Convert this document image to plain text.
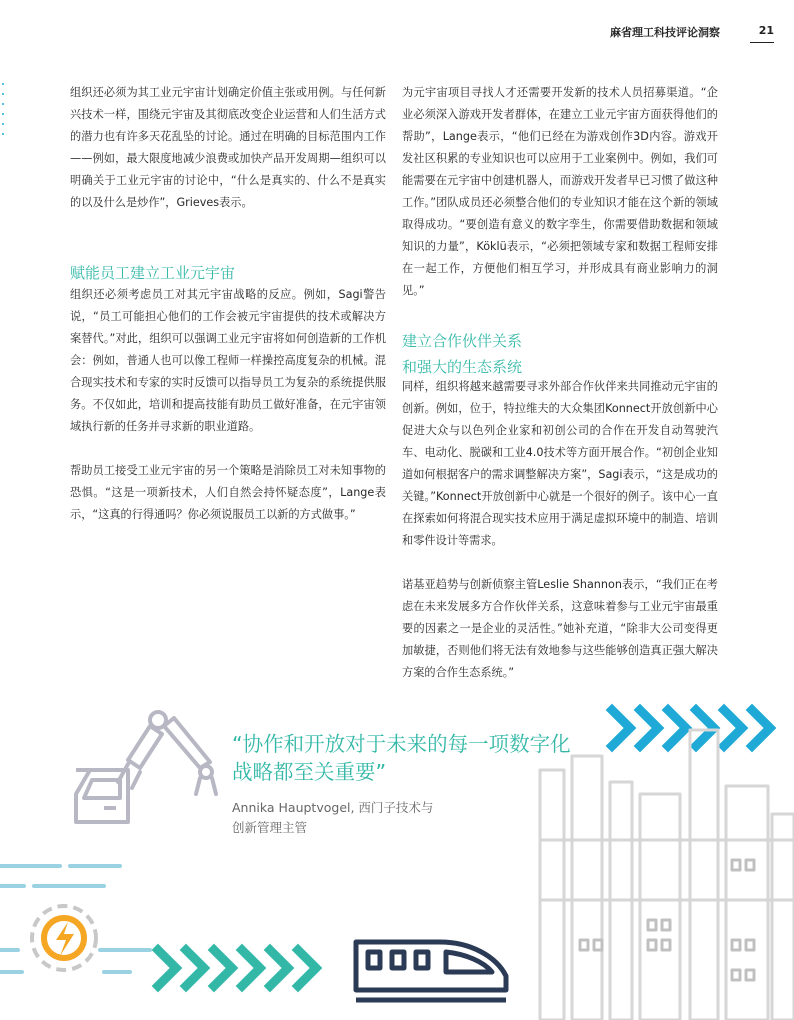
麻省理工科技评论洞察	21

组织还必须为其工业元宇宙计划确定价值主张或用例。与任何新兴技术一样，围绕元宇宙及其彻底改变企业运营和人们生活方式的潜力也有许多天花乱坠的讨论。通过在明确的目标范围内工作——例如，最大限度地减少浪费或加快产品开发周期—组织可以明确关于工业元宇宙的讨论中，“什么是真实的、什么不是真实的以及什么是炒作”，Grieves表示。

赋能员工建立工业元宇宙

组织还必须考虑员工对其元宇宙战略的反应。例如，Sagi警告说，“员工可能担心他们的工作会被元宇宙提供的技术或解决方案替代。”对此，组织可以强调工业元宇宙将如何创造新的工作机会：例如，普通人也可以像工程师一样操控高度复杂的机械。混合现实技术和专家的实时反馈可以指导员工为复杂的系统提供服务。不仅如此，培训和提高技能有助员工做好准备，在元宇宙领域执行新的任务并寻求新的职业道路。

帮助员工接受工业元宇宙的另一个策略是消除员工对未知事物的恐惧。“这是一项新技术，人们自然会持怀疑态度”，Lange表示，“这真的行得通吗？你必须说服员工以新的方式做事。”

为元宇宙项目寻找人才还需要开发新的技术人员招募渠道。“企业必须深入游戏开发者群体，在建立工业元宇宙方面获得他们的帮助”，Lange表示，“他们已经在为游戏创作3D内容。游戏开发社区积累的专业知识也可以应用于工业案例中。例如，我们可能需要在元宇宙中创建机器人，而游戏开发者早已习惯了做这种工作。”团队成员还必须整合他们的专业知识才能在这个新的领域取得成功。“要创造有意义的数字孪生，你需要借助数据和领域知识的力量”，Köklü表示，“必须把领域专家和数据工程师安排在一起工作，方便他们相互学习，并形成具有商业影响力的洞见。”

建立合作伙伴关系
和强大的生态系统

同样，组织将越来越需要寻求外部合作伙伴来共同推动元宇宙的创新。例如，位于，特拉维夫的大众集团Konnect开放创新中心促进大众与以色列企业家和初创公司的合作在开发自动驾驶汽车、电动化、脱碳和工业4.0技术等方面开展合作。“初创企业知道如何根据客户的需求调整解决方案”，Sagi表示，“这是成功的关键。”Konnect开放创新中心就是一个很好的例子。该中心一直在探索如何将混合现实技术应用于满足虚拟环境中的制造、培训和零件设计等需求。

诺基亚趋势与创新侦察主管Leslie Shannon表示，“我们正在考虑在未来发展多方合作伙伴关系，这意味着参与工业元宇宙最重要的因素之一是企业的灵活性。”她补充道，“除非大公司变得更加敏捷，否则他们将无法有效地参与这些能够创造真正强大解决方案的合作生态系统。”

“协作和开放对于未来的每一项数字化战略都至关重要”

Annika Hauptvogel, 西门子技术与

创新管理主管
